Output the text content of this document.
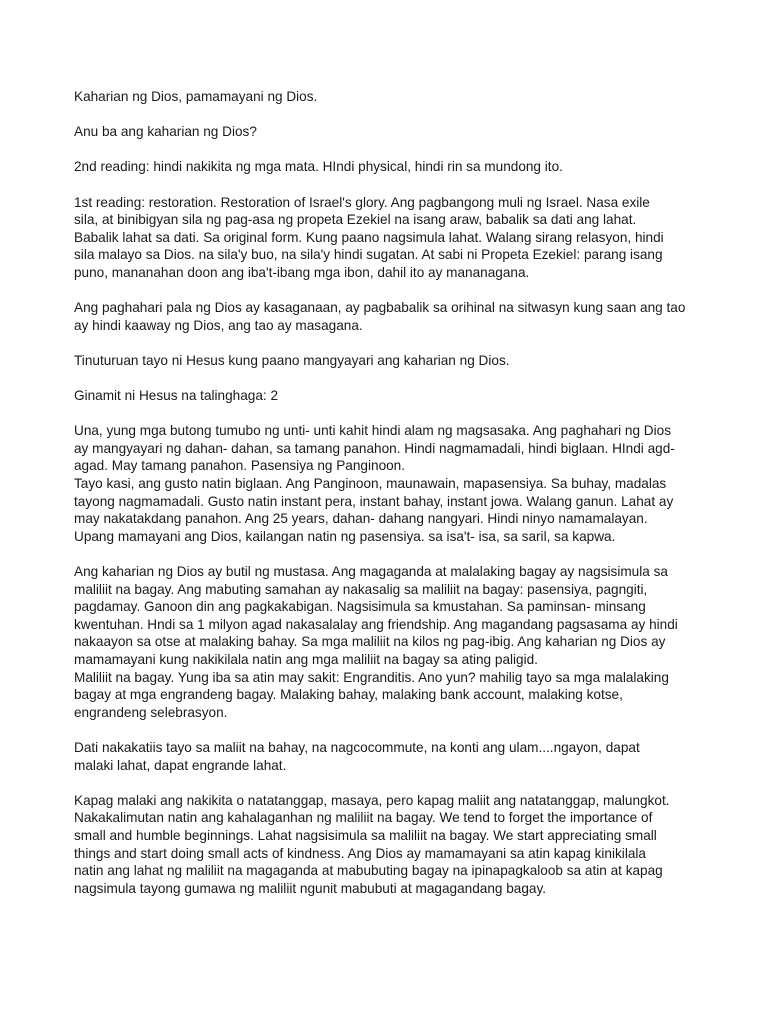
Kaharian ng Dios, pamamayani ng Dios.

Anu ba ang kaharian ng Dios?

2nd reading: hindi nakikita ng mga mata. HIndi physical, hindi rin sa mundong ito.

1st reading: restoration. Restoration of Israel's glory. Ang pagbangong muli ng Israel. Nasa exile
sila, at binibigyan sila ng pag-asa ng propeta Ezekiel na isang araw, babalik sa dati ang lahat.
Babalik lahat sa dati. Sa original form. Kung paano nagsimula lahat. Walang sirang relasyon, hindi
sila malayo sa Dios. na sila'y buo, na sila'y hindi sugatan. At sabi ni Propeta Ezekiel: parang isang
puno, mananahan doon ang iba't-ibang mga ibon, dahil ito ay mananagana.

Ang paghahari pala ng Dios ay kasaganaan, ay pagbabalik sa orihinal na sitwasyn kung saan ang tao
ay hindi kaaway ng Dios, ang tao ay masagana.

Tinuturuan tayo ni Hesus kung paano mangyayari ang kaharian ng Dios.

Ginamit ni Hesus na talinghaga: 2

Una, yung mga butong tumubo ng unti- unti kahit hindi alam ng magsasaka. Ang paghahari ng Dios
ay mangyayari ng dahan- dahan, sa tamang panahon. Hindi nagmamadali, hindi biglaan. HIndi agd-
agad. May tamang panahon. Pasensiya ng Panginoon.
Tayo kasi, ang gusto natin biglaan. Ang Panginoon, maunawain, mapasensiya. Sa buhay, madalas
tayong nagmamadali. Gusto natin instant pera, instant bahay, instant jowa. Walang ganun. Lahat ay
may nakatakdang panahon. Ang 25 years, dahan- dahang nangyari. Hindi ninyo namamalayan.
Upang mamayani ang Dios, kailangan natin ng pasensiya. sa isa't- isa, sa saril, sa kapwa.

Ang kaharian ng Dios ay butil ng mustasa. Ang magaganda at malalaking bagay ay nagsisimula sa
maliliit na bagay. Ang mabuting samahan ay nakasalig sa maliliit na bagay: pasensiya, pagngiti,
pagdamay. Ganoon din ang pagkakabigan. Nagsisimula sa kmustahan. Sa paminsan- minsang
kwentuhan. Hndi sa 1 milyon agad nakasalalay ang friendship. Ang magandang pagsasama ay hindi
nakaayon sa otse at malaking bahay. Sa mga maliliit na kilos ng pag-ibig. Ang kaharian ng Dios ay
mamamayani kung nakikilala natin ang mga maliliit na bagay sa ating paligid.
Maliliit na bagay. Yung iba sa atin may sakit: Engranditis. Ano yun? mahilig tayo sa mga malalaking
bagay at mga engrandeng bagay. Malaking bahay, malaking bank account, malaking kotse,
engrandeng selebrasyon.

Dati nakakatiis tayo sa maliit na bahay, na nagcocommute, na konti ang ulam....ngayon, dapat
malaki lahat, dapat engrande lahat.

Kapag malaki ang nakikita o natatanggap, masaya, pero kapag maliit ang natatanggap, malungkot.
Nakakalimutan natin ang kahalaganhan ng maliliit na bagay. We tend to forget the importance of
small and humble beginnings. Lahat nagsisimula sa maliliit na bagay. We start appreciating small
things and start doing small acts of kindness. Ang Dios ay mamamayani sa atin kapag kinikilala
natin ang lahat ng maliliit na magaganda at mabubuting bagay na ipinapagkaloob sa atin at kapag
nagsimula tayong gumawa ng maliliit ngunit mabubuti at magagandang bagay.
